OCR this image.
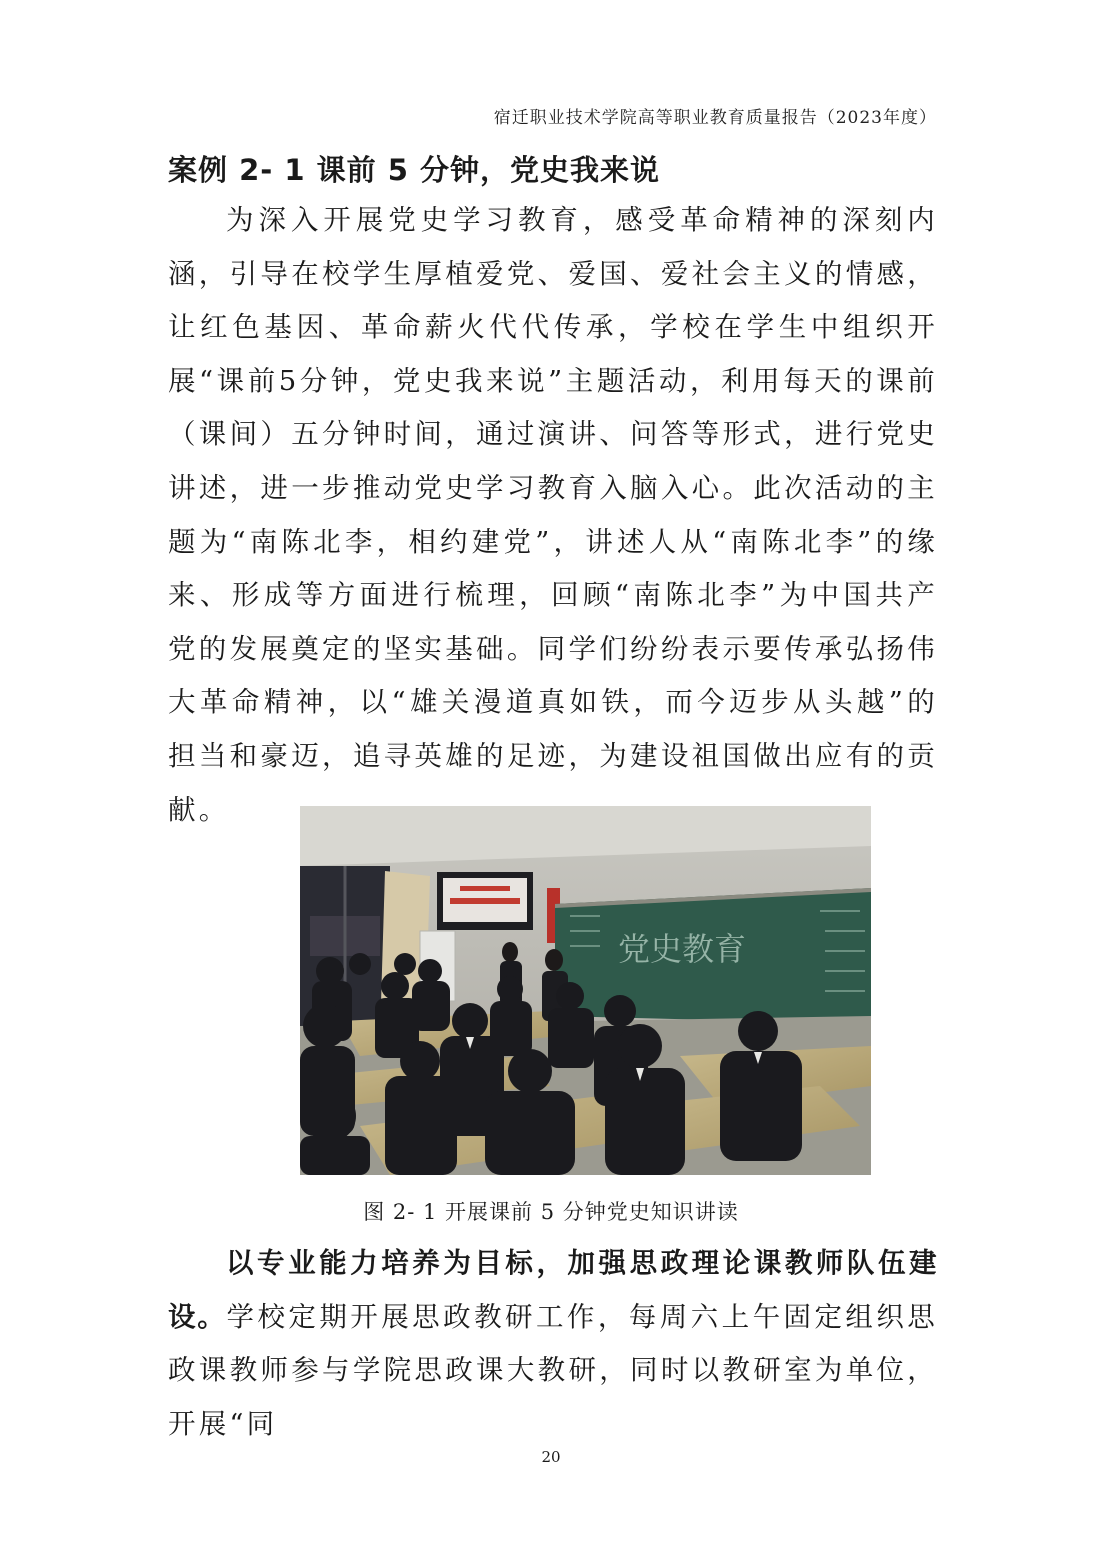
宿迁职业技术学院高等职业教育质量报告（2023年度）
案例 2- 1 课前 5 分钟，党史我来说

为深入开展党史学习教育，感受革命精神的深刻内涵，引导在校学生厚植爱党、爱国、爱社会主义的情感，让红色基因、革命薪火代代传承，学校在学生中组织开展“课前5分钟，党史我来说”主题活动，利用每天的课前（课间）五分钟时间，通过演讲、问答等形式，进行党史讲述，进一步推动党史学习教育入脑入心。此次活动的主题为“南陈北李，相约建党”，讲述人从“南陈北李”的缘来、形成等方面进行梳理，回顾“南陈北李”为中国共产党的发展奠定的坚实基础。同学们纷纷表示要传承弘扬伟大革命精神，以“雄关漫道真如铁，而今迈步从头越”的担当和豪迈，追寻英雄的足迹，为建设祖国做出应有的贡献。

党史教育
图 2- 1 开展课前 5 分钟党史知识讲读

以专业能力培养为目标，加强思政理论课教师队伍建设。学校定期开展思政教研工作，每周六上午固定组织思政课教师参与学院思政课大教研，同时以教研室为单位，开展“同

20
